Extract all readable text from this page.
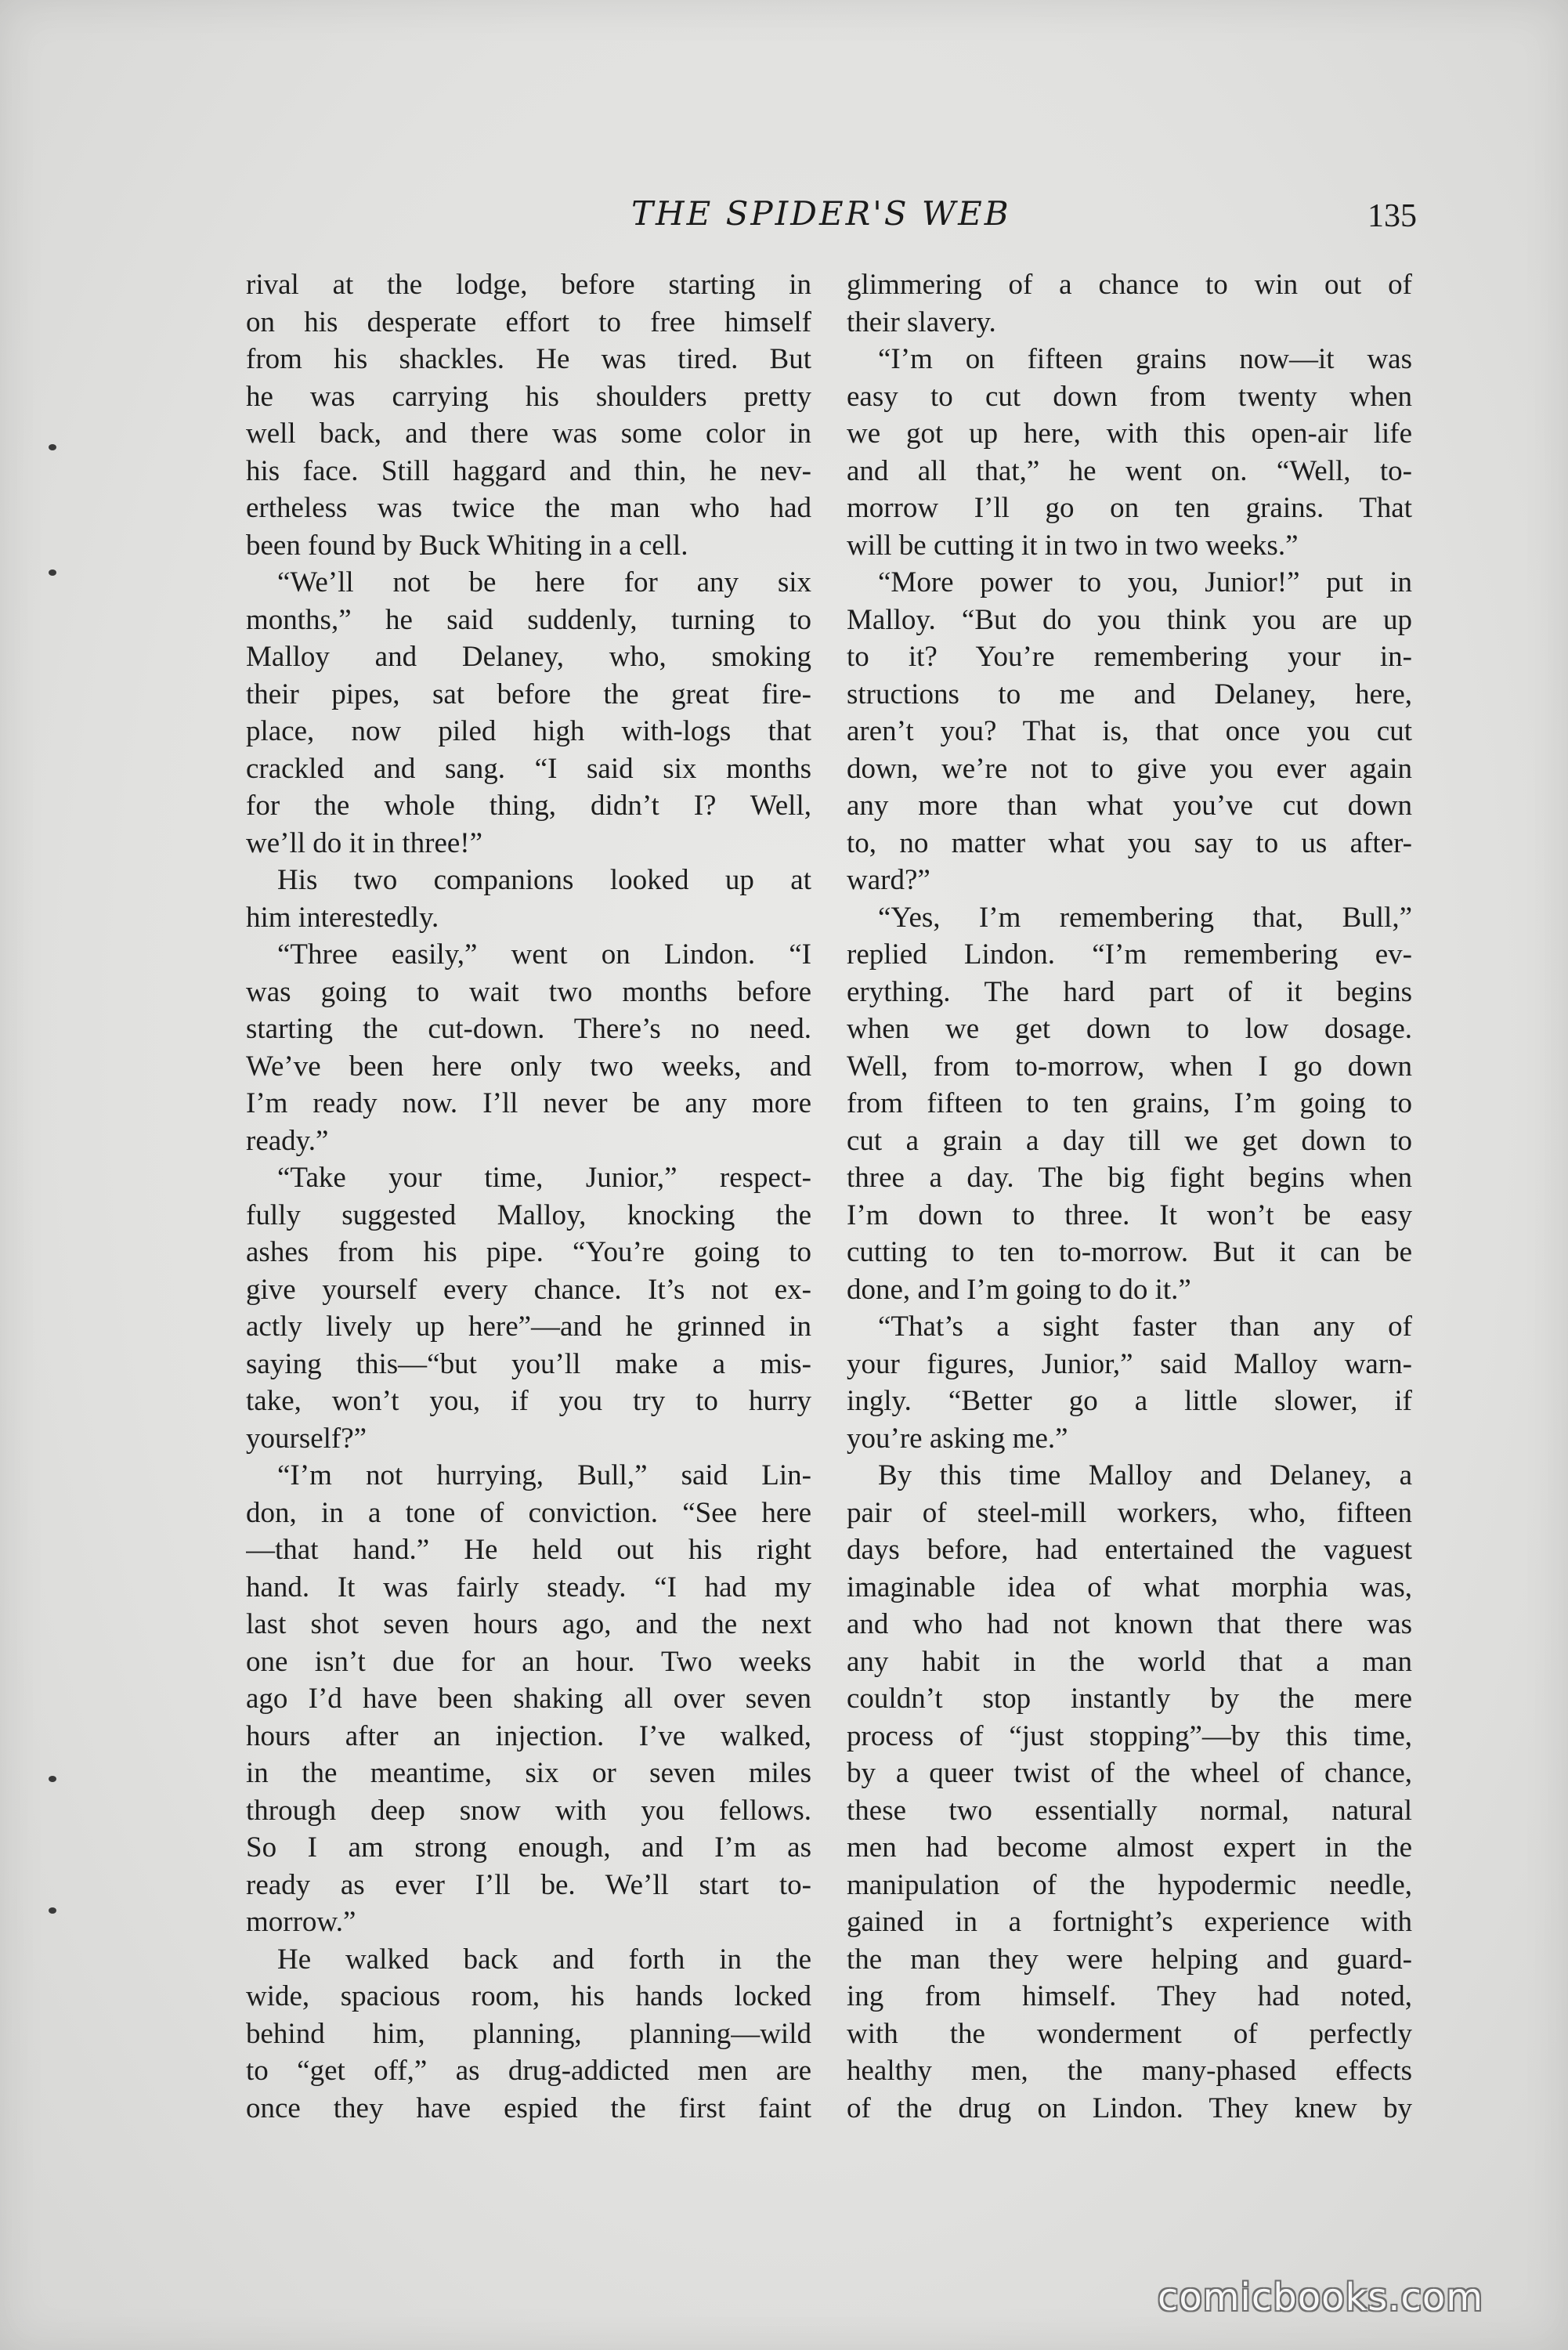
THE SPIDER'S WEB	135
rival at the lodge, before starting in
on his desperate effort to free himself
from his shackles. He was tired. But
he was carrying his shoulders pretty
well back, and there was some color in
his face. Still haggard and thin, he nev-
ertheless was twice the man who had
been found by Buck Whiting in a cell.
“We’ll not be here for any six
months,” he said suddenly, turning to
Malloy and Delaney, who, smoking
their pipes, sat before the great fire-
place, now piled high with-logs that
crackled and sang. “I said six months
for the whole thing, didn’t I? Well,
we’ll do it in three!”
His two companions looked up at
him interestedly.
“Three easily,” went on Lindon. “I
was going to wait two months before
starting the cut-down. There’s no need.
We’ve been here only two weeks, and
I’m ready now. I’ll never be any more
ready.”
“Take your time, Junior,” respect-
fully suggested Malloy, knocking the
ashes from his pipe. “You’re going to
give yourself every chance. It’s not ex-
actly lively up here”—and he grinned in
saying this—“but you’ll make a mis-
take, won’t you, if you try to hurry
yourself?”
“I’m not hurrying, Bull,” said Lin-
don, in a tone of conviction. “See here
—that hand.” He held out his right
hand. It was fairly steady. “I had my
last shot seven hours ago, and the next
one isn’t due for an hour. Two weeks
ago I’d have been shaking all over seven
hours after an injection. I’ve walked,
in the meantime, six or seven miles
through deep snow with you fellows.
So I am strong enough, and I’m as
ready as ever I’ll be. We’ll start to-
morrow.”
He walked back and forth in the
wide, spacious room, his hands locked
behind him, planning, planning—wild
to “get off,” as drug-addicted men are
once they have espied the first faint
glimmering of a chance to win out of
their slavery.
“I’m on fifteen grains now—it was
easy to cut down from twenty when
we got up here, with this open-air life
and all that,” he went on. “Well, to-
morrow I’ll go on ten grains. That
will be cutting it in two in two weeks.”
“More power to you, Junior!” put in
Malloy. “But do you think you are up
to it? You’re remembering your in-
structions to me and Delaney, here,
aren’t you? That is, that once you cut
down, we’re not to give you ever again
any more than what you’ve cut down
to, no matter what you say to us after-
ward?”
“Yes, I’m remembering that, Bull,”
replied Lindon. “I’m remembering ev-
erything. The hard part of it begins
when we get down to low dosage.
Well, from to-morrow, when I go down
from fifteen to ten grains, I’m going to
cut a grain a day till we get down to
three a day. The big fight begins when
I’m down to three. It won’t be easy
cutting to ten to-morrow. But it can be
done, and I’m going to do it.”
“That’s a sight faster than any of
your figures, Junior,” said Malloy warn-
ingly. “Better go a little slower, if
you’re asking me.”
By this time Malloy and Delaney, a
pair of steel-mill workers, who, fifteen
days before, had entertained the vaguest
imaginable idea of what morphia was,
and who had not known that there was
any habit in the world that a man
couldn’t stop instantly by the mere
process of “just stopping”—by this time,
by a queer twist of the wheel of chance,
these two essentially normal, natural
men had become almost expert in the
manipulation of the hypodermic needle,
gained in a fortnight’s experience with
the man they were helping and guard-
ing from himself. They had noted,
with the wonderment of perfectly
healthy men, the many-phased effects
of the drug on Lindon. They knew by
comicbooks.com
